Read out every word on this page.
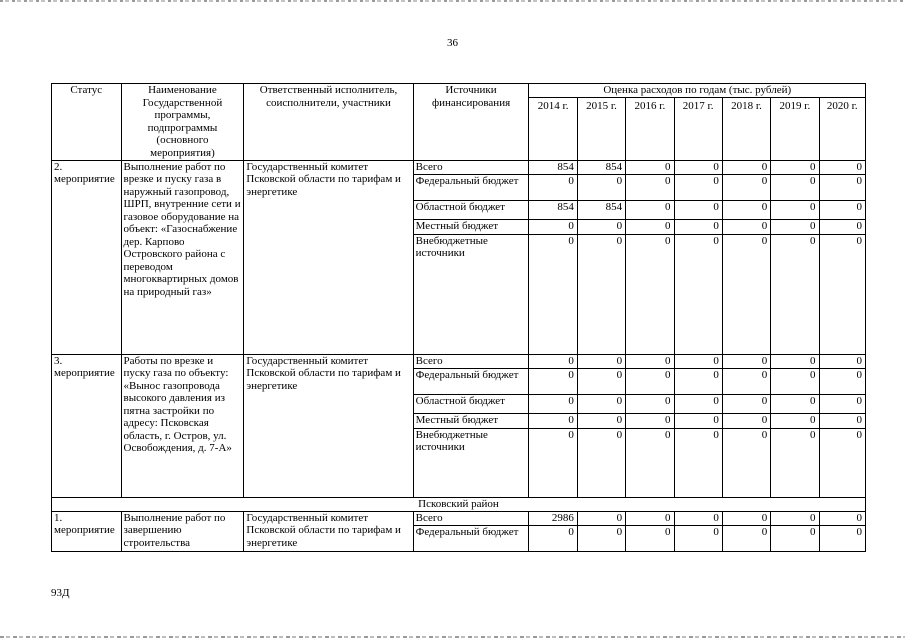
36
Статус	Наименование Государственной программы, подпрограммы (основного мероприятия)	Ответственный исполнитель, соисполнители, участники	Источники финансирования	Оценка расходов по годам (тыс. рублей)						
				2014 г.	2015 г.	2016 г.	2017 г.	2018 г.	2019 г.	2020 г.
2. мероприятие	Выполнение работ по врезке и пуску газа в наружный газопровод, ШРП, внутренние сети и газовое оборудование на объект: «Газоснабжение дер. Карпово Островского района с переводом многоквартирных домов на природный газ»	Государственный комитет Псковской области по тарифам и энергетике	Всего	854	854	0	0	0	0	0
			Федеральный бюджет	0	0	0	0	0	0	0
			Областной бюджет	854	854	0	0	0	0	0
			Местный бюджет	0	0	0	0	0	0	0
			Внебюджетные источники	0	0	0	0	0	0	0
3. мероприятие	Работы по врезке и пуску газа по объекту: «Вынос газопровода высокого давления из пятна застройки по адресу: Псковская область, г. Остров, ул. Освобождения, д. 7-А»	Государственный комитет Псковской области по тарифам и энергетике	Всего	0	0	0	0	0	0	0
			Федеральный бюджет	0	0	0	0	0	0	0
			Областной бюджет	0	0	0	0	0	0	0
			Местный бюджет	0	0	0	0	0	0	0
			Внебюджетные источники	0	0	0	0	0	0	0
Псковский район										
1. мероприятие	Выполнение работ по завершению строительства	Государственный комитет Псковской области по тарифам и энергетике	Всего	2986	0	0	0	0	0	0
			Федеральный бюджет	0	0	0	0	0	0	0
93Д
